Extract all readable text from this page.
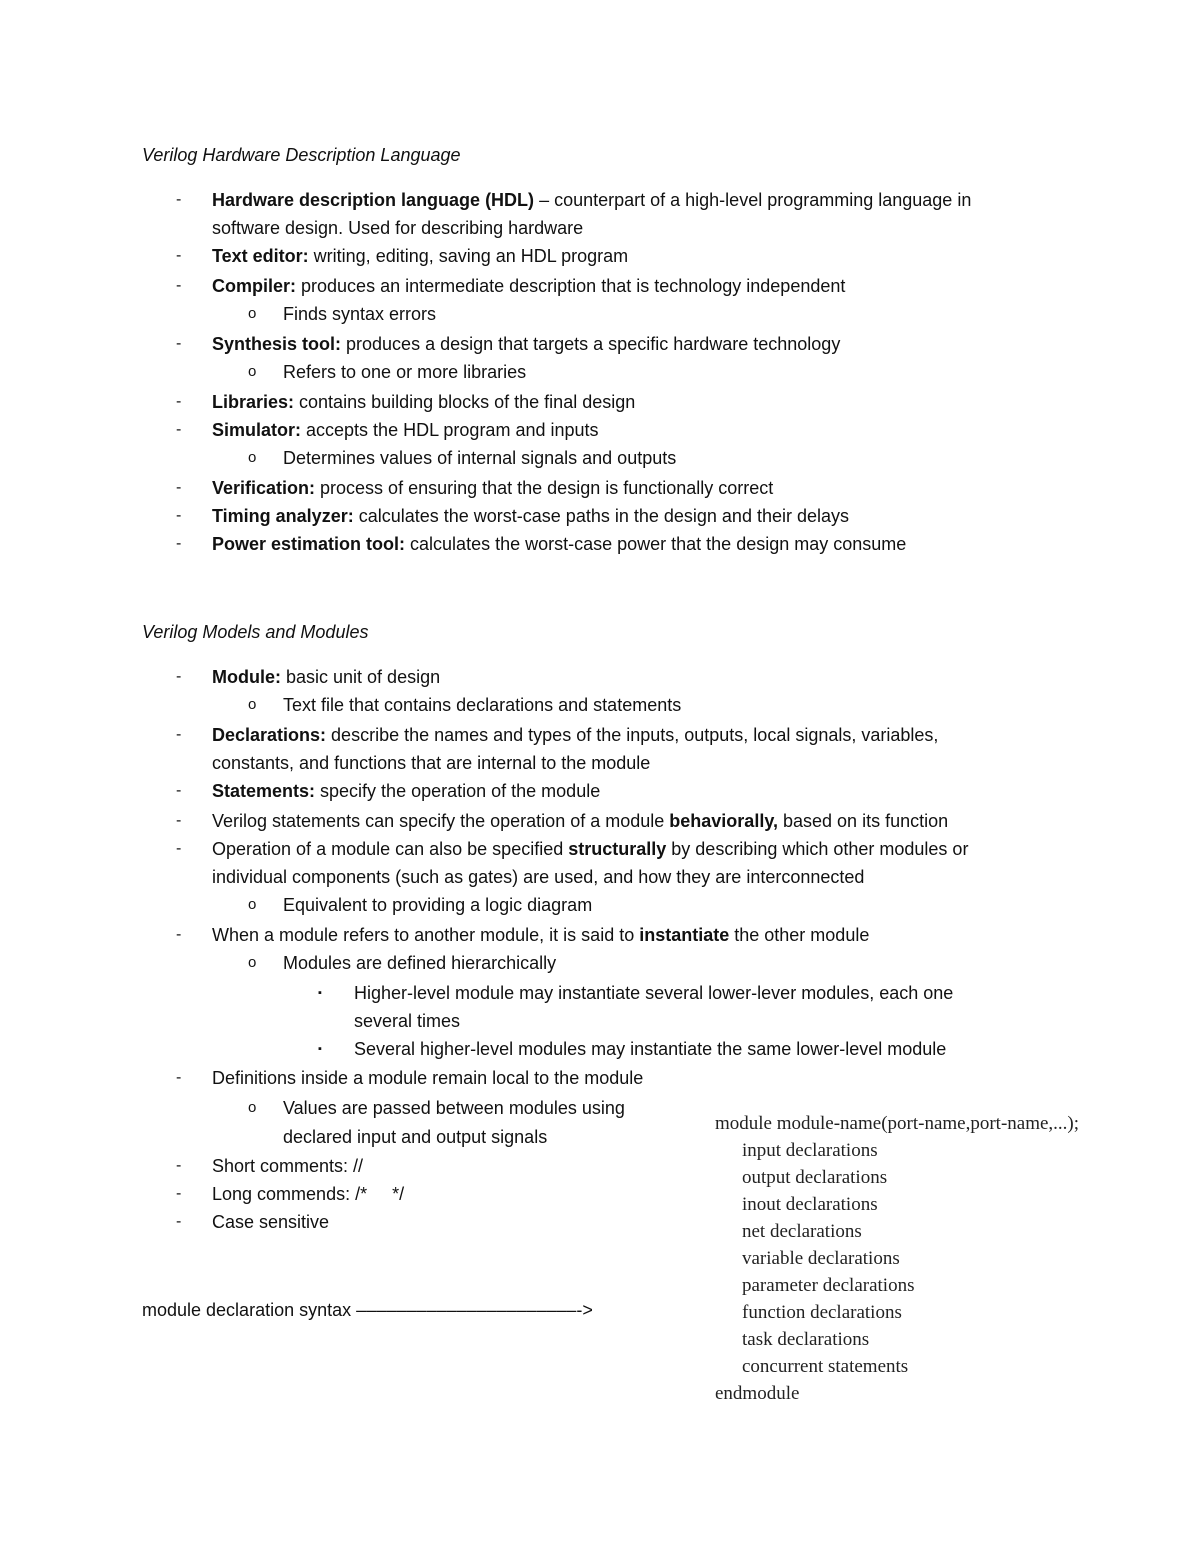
Verilog Hardware Description Language
- Hardware description language (HDL) – counterpart of a high-level programming language in
software design. Used for describing hardware
- Text editor: writing, editing, saving an HDL program
- Compiler: produces an intermediate description that is technology independent
o Finds syntax errors
- Synthesis tool: produces a design that targets a specific hardware technology
o Refers to one or more libraries
- Libraries: contains building blocks of the final design
- Simulator: accepts the HDL program and inputs
o Determines values of internal signals and outputs
- Verification: process of ensuring that the design is functionally correct
- Timing analyzer: calculates the worst-case paths in the design and their delays
- Power estimation tool: calculates the worst-case power that the design may consume
Verilog Models and Modules
- Module: basic unit of design
o Text file that contains declarations and statements
- Declarations: describe the names and types of the inputs, outputs, local signals, variables,
constants, and functions that are internal to the module
- Statements: specify the operation of the module
- Verilog statements can specify the operation of a module behaviorally, based on its function
- Operation of a module can also be specified structurally by describing which other modules or
individual components (such as gates) are used, and how they are interconnected
o Equivalent to providing a logic diagram
- When a module refers to another module, it is said to instantiate the other module
o Modules are defined hierarchically
▪ Higher-level module may instantiate several lower-lever modules, each one
several times
▪ Several higher-level modules may instantiate the same lower-level module
- Definitions inside a module remain local to the module
o Values are passed between modules using
declared input and output signals
- Short comments: //
- Long commends: /*     */
- Case sensitive
module declaration syntax ––––––––––––––––––––––->
module module-name(port-name,port-name,...);
input declarations
output declarations
inout declarations
net declarations
variable declarations
parameter declarations
function declarations
task declarations
concurrent statements
endmodule
